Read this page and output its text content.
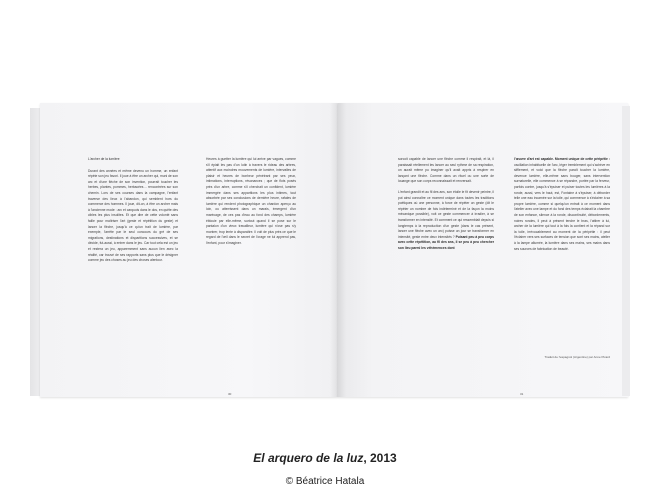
L'archer de la lumière
Durant des années et même devenu un homme, un enfant répète son jeu favori. Il joue à être un archer qui, muni de son arc et d'une flèche de son invention, pourrait toucher les herbes, plantes, pommes, herbacées… rencontrées sur son chemin. Lors de ses courses dans la campagne, l'enfant traverse des lieux à l'abandon, qui semblent hors du commerce des hommes. Il joue, dit-on, à être un archer mais à l'ancienne mode : arc et carquois dans le dos, en quête des cibles les plus insolites. Et que dire de cette volonté sans faille pour maîtriser l'art (geste et répétition du geste) et lancer la flèche, jusqu'à ce qu'un trait de lumière, par exemple, l'arrête par le seul concours du gré de ses migrations, destinations et disparitions successives, et se décide, fut-aussi, à entrer dans le jeu. Car tout cela est un jeu et restera un jeu, apparemment sans aucun lien avec la réalité, car trouvé de ses rapports sans plus que le désigner comme jeu des choses au jeu des choses alentour.
Heures à guetter la lumière qui lui arrive par vagues, comme s'il épiait les pas d'un lutin à travers le rideau des arbres, attentif aux moindres mouvements de lumière, intervalles de plaisir et heures de bonheur pénétrant par ses yeux, intimations, interruptions, résonances ; que de flots posés près d'un arbre, comme s'il cherchait un confident, lumière immergée dans ses apparitions les plus intimes, tout absorbée par ses conclusions de dernière heure, rafales de lumière qui rendent photographique un chardon aperçu au loin, ou atterrissent dans un marais, émergent d'un marécage, de ces pas d'eau au fond des champs, lumière éblouie par elle-même, surtout quand il se pose sur le pantalon d'un vieux travailleur, lumière qui n'ose pas s'y montrer, trop lente à disparaître. Il voit de plus près ce que le regard de l'œil dans le secret de l'orage ne lui apprend pas, l'enfant, pour s'imaginer.
30
sorcoit capable de lancer une flèche comme il respirait, et là, il paraissait réellement les lancer au seul rythme de sa respiration, on aurait même pu imaginer qu'il avait appris à respirer en lançant une flèche. Comme dans un rituel ou une sorte de louange que son corps reconnaissait et renversait.
L'enfant grandit et au fil des ans, son étoile le fit devenir peintre, il put ainsi connaître ce moment unique dans toutes les traditions poétiques où une personne, à force de répéter un geste (dit le répéter un nombre de fois indéterminé et de la façon la moins mécanique possible), voit ce geste commencer à irradier, à se transformer en intensité. Et comment ce qui ressemblait depuis si longtemps à la reproduction d'un geste (dans le cas présent, lancer une flèche avec un arc) puisse un jour se transformer en intensité, geste entre deux intensités ? Puisant peu à peu corps avec cette répétition, au fil des ans, il se peu à peu chercher son lieu parmi les véhémences dont
l'œuvre d'art est capable. Moment unique de cette péripétie : oscillation inhabituelle de l'arc, léger tremblement qui s'achève en sifflement, et voici que la flèche paraît toucher la lumière, devenue lumière, elle-même sans bouger, sans intervention surnaturelle, elle commence à se répandre, portée par la ferveur, parfois contre, jusqu'à s'épuiser et puiser toutes les lumières à la ronde, aussi, vers le haut, est, Fontaine à s'épuiser, à déborder telle une eau incarnée sur la toile, qui commence à s'éclairer à sa propre lumière, comme si quelqu'un entrait à ce moment dans l'atelier avec une lampe et du fond des temps éclairait la chambre de son enfance, silence à la ronde, discontinuité, débordements, noires rondes, il peut à présent tendre le bras, l'attirer à lui, archer de la lumière qui tout à la fois la contient et la répand sur la toile, irrévocablement au moment de la péripétie : il peut l'éclairer vers ses surfaces de tension que sont ses mains, atelier à la lampe allumée, la lumière dans ses mains, ses mains dans ses sources de fabrication de beauté.
Traduit de l'espagnol (Argentine) par Anne Picard
31
El arquero de la luz, 2013
© Béatrice Hatala
